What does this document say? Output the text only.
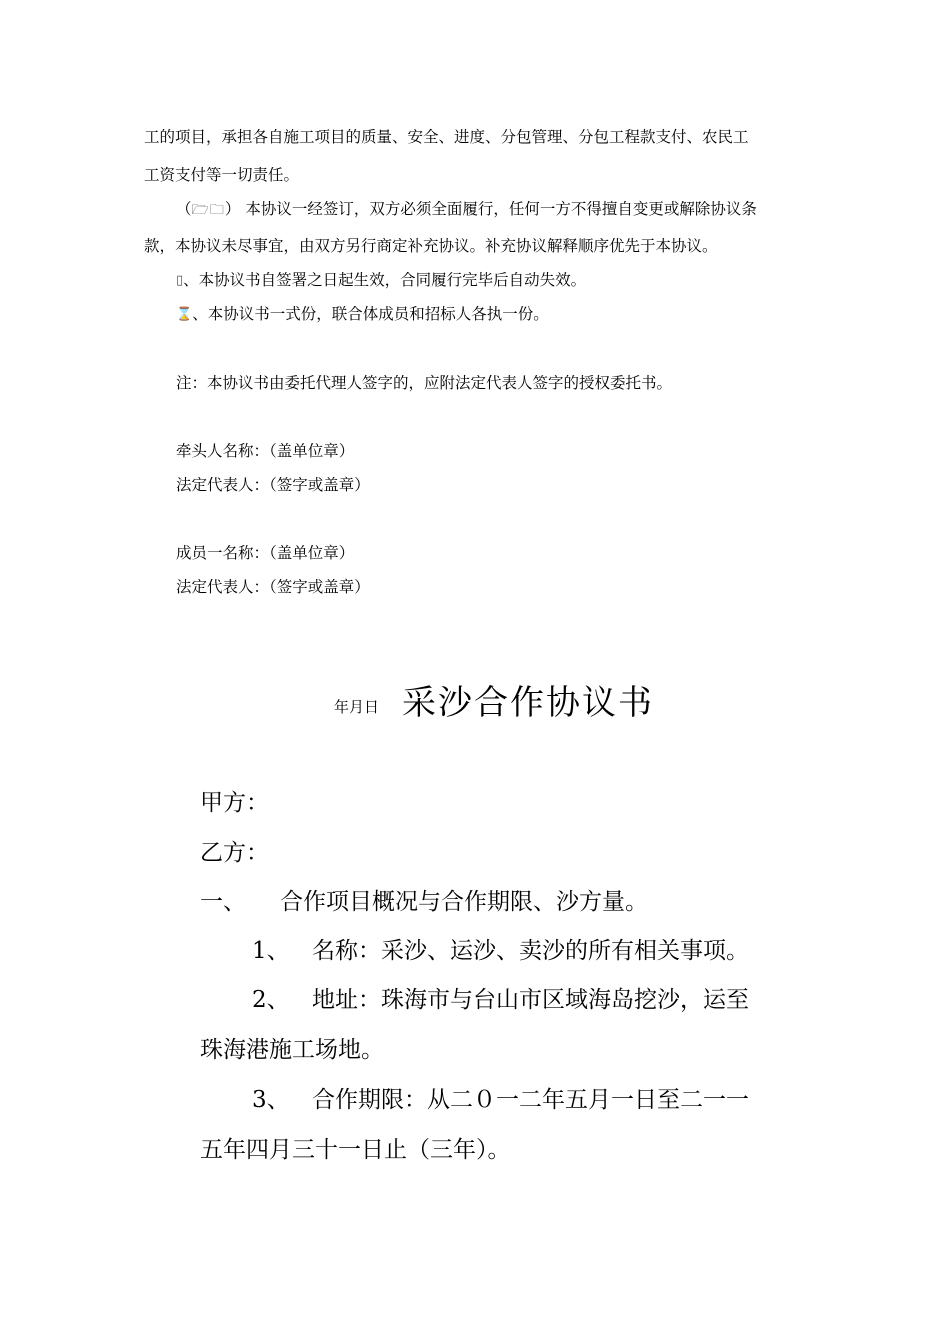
工的项目，承担各自施工项目的质量、安全、进度、分包管理、分包工程款支付、农民工
工资支付等一切责任。
（🗁🗀） 本协议一经签订，双方必须全面履行，任何一方不得擅自变更或解除协议条
款，本协议未尽事宜，由双方另行商定补充协议。补充协议解释顺序优先于本协议。
▯、本协议书自签署之日起生效，合同履行完毕后自动失效。
⌛、本协议书一式份，联合体成员和招标人各执一份。
注：本协议书由委托代理人签字的，应附法定代表人签字的授权委托书。
牵头人名称：（盖单位章）
法定代表人：（签字或盖章）
成员一名称：（盖单位章）
法定代表人：（签字或盖章）
年月日 采沙合作协议书
甲方：
乙方：
一、 合作项目概况与合作期限、沙方量。
1、 名称：采沙、运沙、卖沙的所有相关事项。
2、 地址：珠海市与台山市区域海岛挖沙，运至
珠海港施工场地。
3、 合作期限：从二０一二年五月一日至二一一
五年四月三十一日止（三年）。
